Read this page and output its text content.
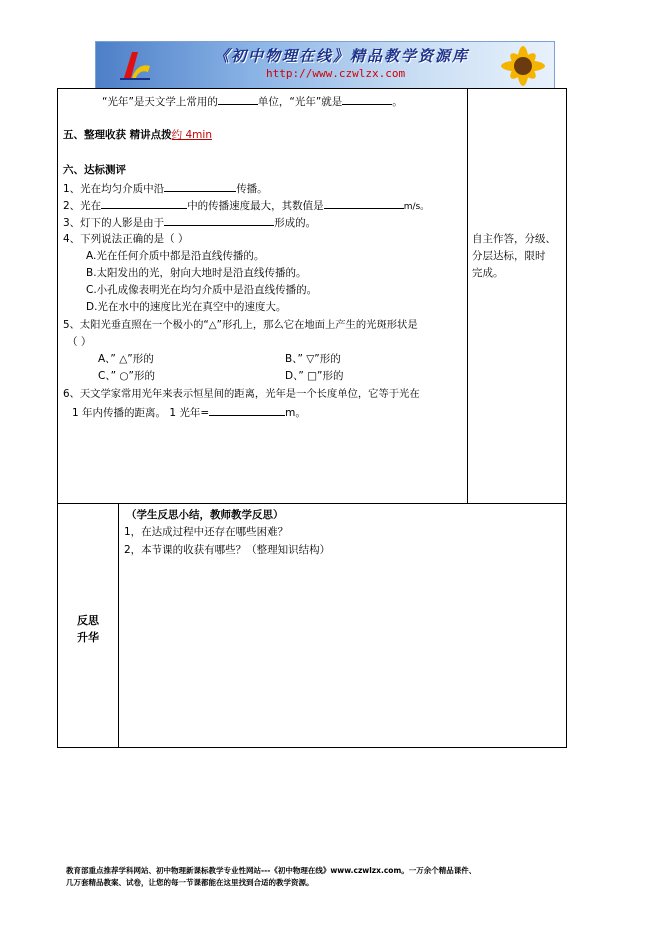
《初中物理在线》精品教学资源库
http://www.czwlzx.com
“光年”是天文学上常用的	单位，“光年”就是	。
五、整理收获 精讲点拨约 4min
六、达标测评
1、光在均匀介质中沿	传播。
2、光在	中的传播速度最大，其数值是	m/s。
3、灯下的人影是由于	形成的。
4、下列说法正确的是（ ）
A.光在任何介质中都是沿直线传播的。
B.太阳发出的光，射向大地时是沿直线传播的。
C.小孔成像表明光在均匀介质中是沿直线传播的。
D.光在水中的速度比光在真空中的速度大。
5、太阳光垂直照在一个极小的“△”形孔上，那么它在地面上产生的光斑形状是
（ ）
A、” △”形的	B、” ▽”形的
C、” ○”形的	D、” □”形的
6、天文学家常用光年来表示恒星间的距离，光年是一个长度单位，它等于光在
1 年内传播的距离。 1 光年=	m。
自主作答，分级、
分层达标，限时
完成。
反思
升华
（学生反思小结，教师教学反思）
1，在达成过程中还存在哪些困难？
2，本节课的收获有哪些？（整理知识结构）
教育部重点推荐学科网站、初中物理新课标教学专业性网站---《初中物理在线》www.czwlzx.com。一万余个精品课件、
几万套精品教案、试卷，让您的每一节课都能在这里找到合适的教学资源。
